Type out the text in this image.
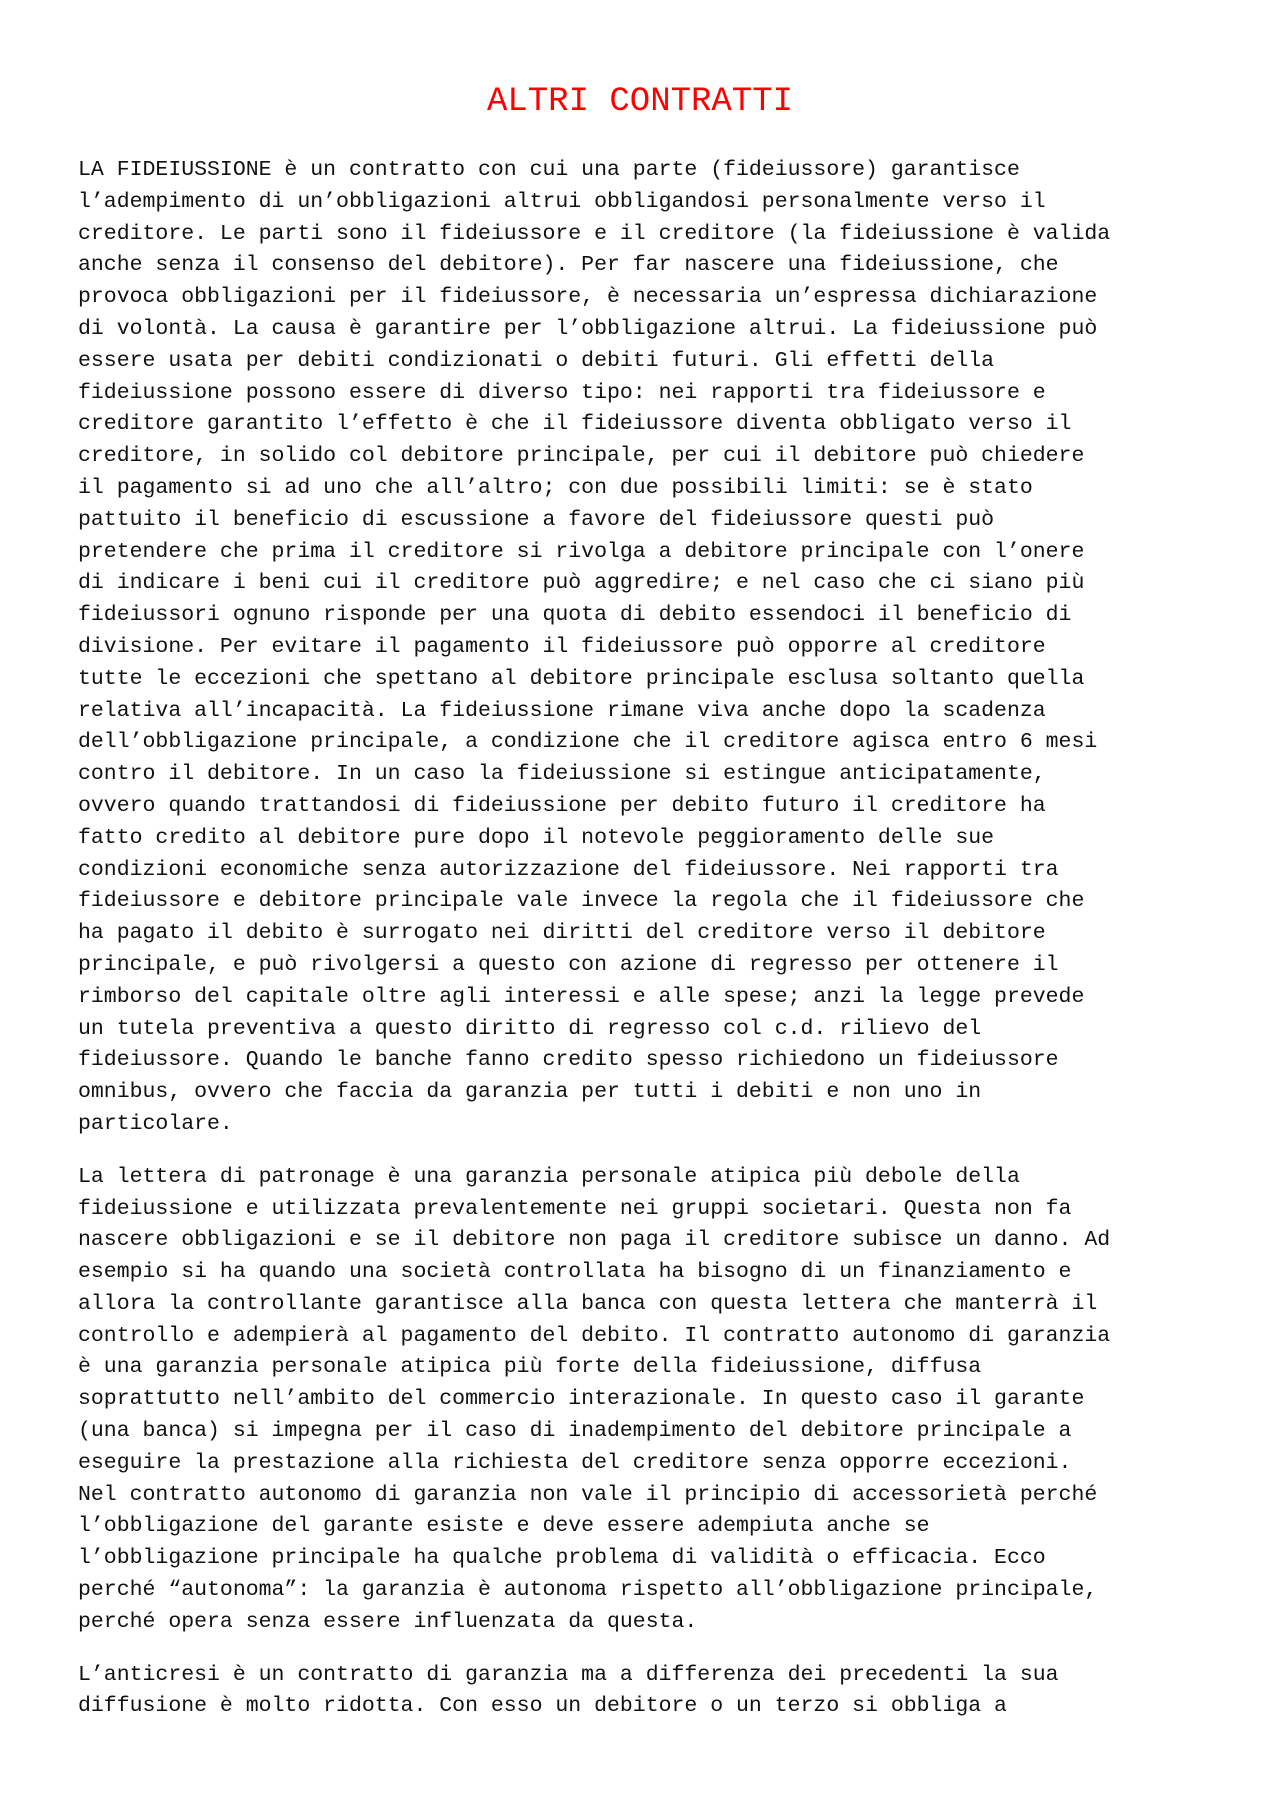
ALTRI CONTRATTI

LA FIDEIUSSIONE è un contratto con cui una parte (fideiussore) garantisce
l’adempimento di un’obbligazioni altrui obbligandosi personalmente verso il
creditore. Le parti sono il fideiussore e il creditore (la fideiussione è valida
anche senza il consenso del debitore). Per far nascere una fideiussione, che
provoca obbligazioni per il fideiussore, è necessaria un’espressa dichiarazione
di volontà. La causa è garantire per l’obbligazione altrui. La fideiussione può
essere usata per debiti condizionati o debiti futuri. Gli effetti della
fideiussione possono essere di diverso tipo: nei rapporti tra fideiussore e
creditore garantito l’effetto è che il fideiussore diventa obbligato verso il
creditore, in solido col debitore principale, per cui il debitore può chiedere
il pagamento si ad uno che all’altro; con due possibili limiti: se è stato
pattuito il beneficio di escussione a favore del fideiussore questi può
pretendere che prima il creditore si rivolga a debitore principale con l’onere
di indicare i beni cui il creditore può aggredire; e nel caso che ci siano più
fideiussori ognuno risponde per una quota di debito essendoci il beneficio di
divisione. Per evitare il pagamento il fideiussore può opporre al creditore
tutte le eccezioni che spettano al debitore principale esclusa soltanto quella
relativa all’incapacità. La fideiussione rimane viva anche dopo la scadenza
dell’obbligazione principale, a condizione che il creditore agisca entro 6 mesi
contro il debitore. In un caso la fideiussione si estingue anticipatamente,
ovvero quando trattandosi di fideiussione per debito futuro il creditore ha
fatto credito al debitore pure dopo il notevole peggioramento delle sue
condizioni economiche senza autorizzazione del fideiussore. Nei rapporti tra
fideiussore e debitore principale vale invece la regola che il fideiussore che
ha pagato il debito è surrogato nei diritti del creditore verso il debitore
principale, e può rivolgersi a questo con azione di regresso per ottenere il
rimborso del capitale oltre agli interessi e alle spese; anzi la legge prevede
un tutela preventiva a questo diritto di regresso col c.d. rilievo del
fideiussore. Quando le banche fanno credito spesso richiedono un fideiussore
omnibus, ovvero che faccia da garanzia per tutti i debiti e non uno in
particolare.

La lettera di patronage è una garanzia personale atipica più debole della
fideiussione e utilizzata prevalentemente nei gruppi societari. Questa non fa
nascere obbligazioni e se il debitore non paga il creditore subisce un danno. Ad
esempio si ha quando una società controllata ha bisogno di un finanziamento e
allora la controllante garantisce alla banca con questa lettera che manterrà il
controllo e adempierà al pagamento del debito. Il contratto autonomo di garanzia
è una garanzia personale atipica più forte della fideiussione, diffusa
soprattutto nell’ambito del commercio interazionale. In questo caso il garante
(una banca) si impegna per il caso di inadempimento del debitore principale a
eseguire la prestazione alla richiesta del creditore senza opporre eccezioni.
Nel contratto autonomo di garanzia non vale il principio di accessorietà perché
l’obbligazione del garante esiste e deve essere adempiuta anche se
l’obbligazione principale ha qualche problema di validità o efficacia. Ecco
perché “autonoma”: la garanzia è autonoma rispetto all’obbligazione principale,
perché opera senza essere influenzata da questa.

L’anticresi è un contratto di garanzia ma a differenza dei precedenti la sua
diffusione è molto ridotta. Con esso un debitore o un terzo si obbliga a
